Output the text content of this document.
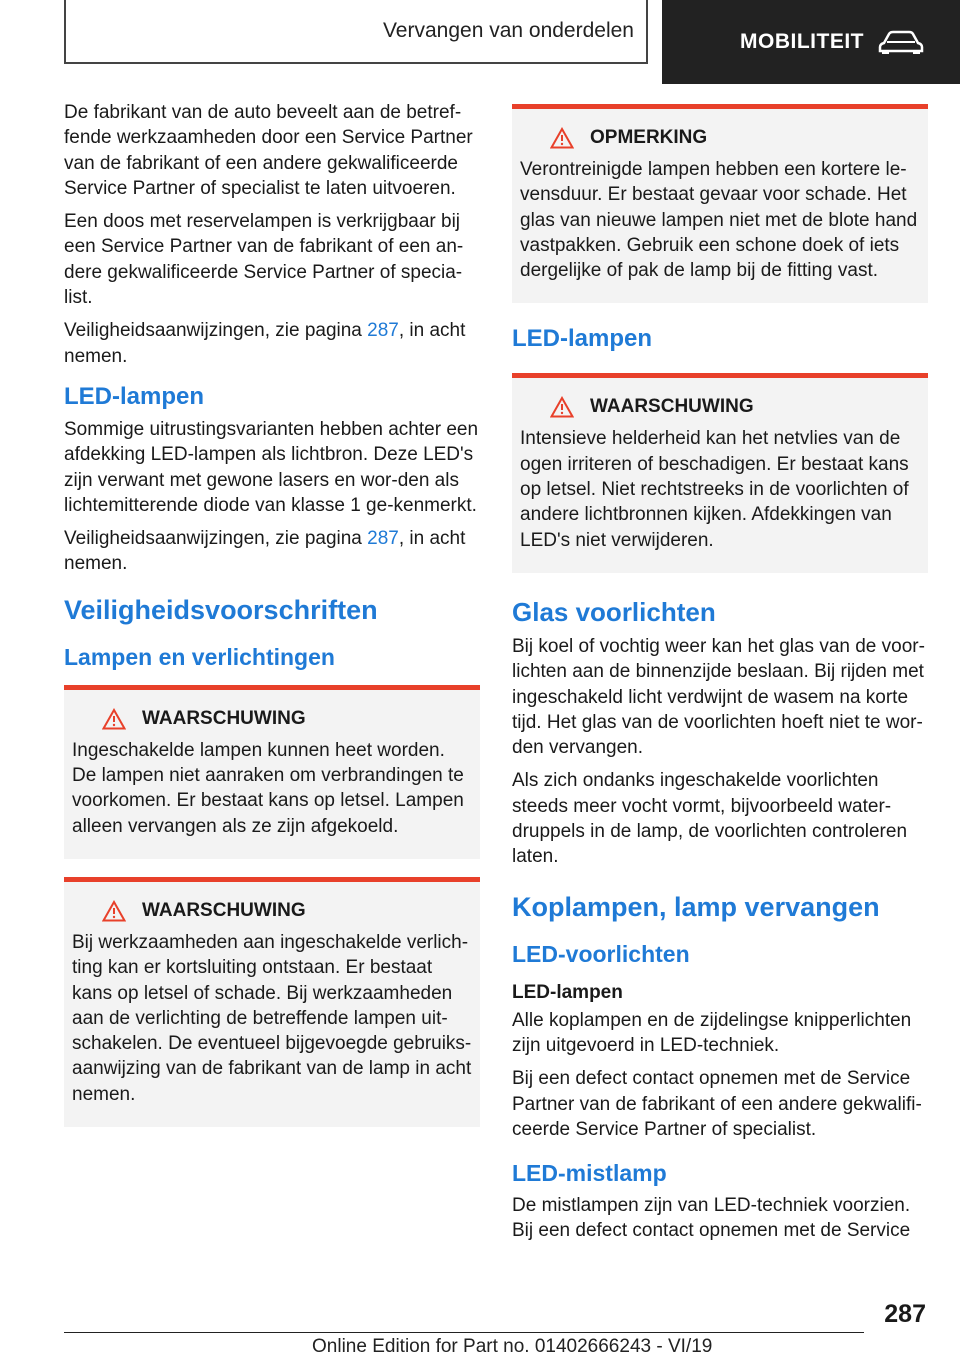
Vervangen van onderdelen	MOBILITEIT

De fabrikant van de auto beveelt aan de betref-fende werkzaamheden door een Service Partner van de fabrikant of een andere gekwalificeerde Service Partner of specialist te laten uitvoeren.

Een doos met reservelampen is verkrijgbaar bij een Service Partner van de fabrikant of een an-dere gekwalificeerde Service Partner of specia-list.

Veiligheidsaanwijzingen, zie pagina 287, in acht nemen.

LED-lampen

Sommige uitrustingsvarianten hebben achter een afdekking LED-lampen als lichtbron. Deze LED's zijn verwant met gewone lasers en wor-den als lichtemitterende diode van klasse 1 ge-kenmerkt.

Veiligheidsaanwijzingen, zie pagina 287, in acht nemen.

Veiligheidsvoorschriften
Lampen en verlichtingen
WAARSCHUWING

Ingeschakelde lampen kunnen heet worden. De lampen niet aanraken om verbrandingen te voorkomen. Er bestaat kans op letsel. Lampen alleen vervangen als ze zijn afgekoeld.

WAARSCHUWING

Bij werkzaamheden aan ingeschakelde verlich-ting kan er kortsluiting ontstaan. Er bestaat kans op letsel of schade. Bij werkzaamheden aan de verlichting de betreffende lampen uit-schakelen. De eventueel bijgevoegde gebruiks-aanwijzing van de fabrikant van de lamp in acht nemen.

OPMERKING

Verontreinigde lampen hebben een kortere le-vensduur. Er bestaat gevaar voor schade. Het glas van nieuwe lampen niet met de blote hand vastpakken. Gebruik een schone doek of iets dergelijke of pak de lamp bij de fitting vast.

LED-lampen
WAARSCHUWING

Intensieve helderheid kan het netvlies van de ogen irriteren of beschadigen. Er bestaat kans op letsel. Niet rechtstreeks in de voorlichten of andere lichtbronnen kijken. Afdekkingen van LED's niet verwijderen.

Glas voorlichten

Bij koel of vochtig weer kan het glas van de voor-lichten aan de binnenzijde beslaan. Bij rijden met ingeschakeld licht verdwijnt de wasem na korte tijd. Het glas van de voorlichten hoeft niet te wor-den vervangen.

Als zich ondanks ingeschakelde voorlichten steeds meer vocht vormt, bijvoorbeeld water-druppels in de lamp, de voorlichten controleren laten.

Koplampen, lamp vervangen
LED-voorlichten
LED-lampen

Alle koplampen en de zijdelingse knipperlichten zijn uitgevoerd in LED-techniek.

Bij een defect contact opnemen met de Service Partner van de fabrikant of een andere gekwalifi-ceerde Service Partner of specialist.

LED-mistlamp

De mistlampen zijn van LED-techniek voorzien. Bij een defect contact opnemen met de Service

287
Online Edition for Part no. 01402666243 - VI/19
